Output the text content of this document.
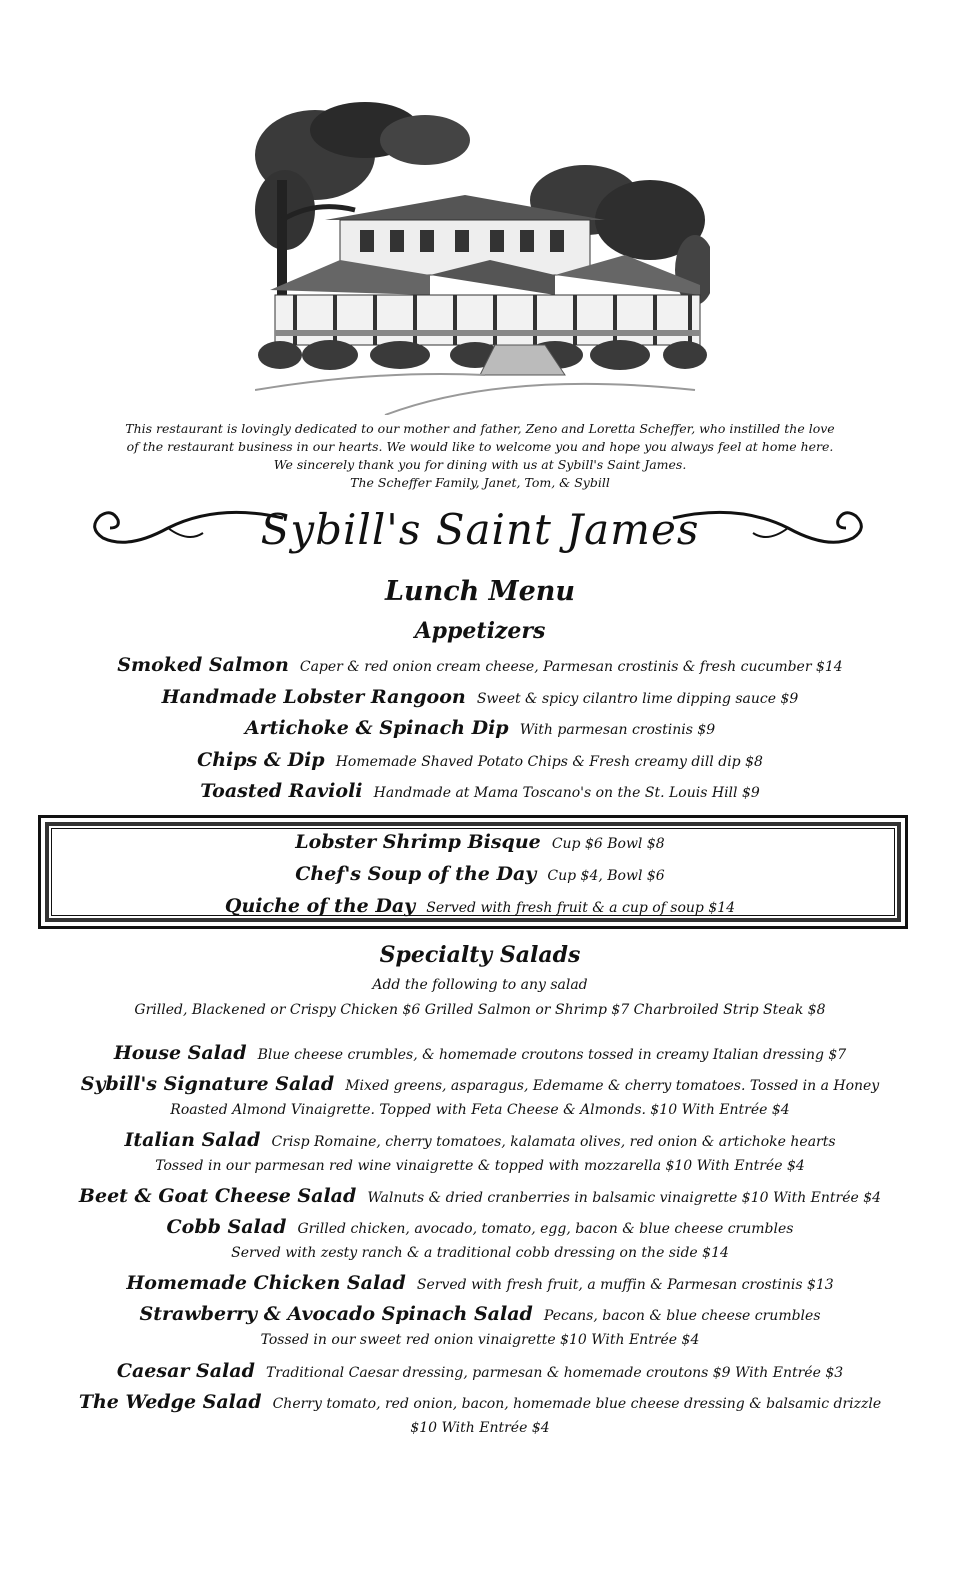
This restaurant is lovingly dedicated to our mother and father, Zeno and Loretta Scheffer, who instilled the love
of the restaurant business in our hearts. We would like to welcome you and hope you always feel at home here.
We sincerely thank you for dining with us at Sybill's Saint James.
The Scheffer Family, Janet, Tom, & Sybill
Sybill's Saint James
Lunch Menu
Appetizers
Smoked Salmon Caper & red onion cream cheese, Parmesan crostinis & fresh cucumber $14
Handmade Lobster Rangoon Sweet & spicy cilantro lime dipping sauce $9
Artichoke & Spinach Dip With parmesan crostinis $9
Chips & Dip Homemade Shaved Potato Chips & Fresh creamy dill dip $8
Toasted Ravioli Handmade at Mama Toscano's on the St. Louis Hill $9
Lobster Shrimp Bisque Cup $6 Bowl $8
Chef's Soup of the Day Cup $4, Bowl $6
Quiche of the Day Served with fresh fruit & a cup of soup $14
Specialty Salads
Add the following to any salad
Grilled, Blackened or Crispy Chicken $6 Grilled Salmon or Shrimp $7 Charbroiled Strip Steak $8
House Salad Blue cheese crumbles, & homemade croutons tossed in creamy Italian dressing $7
Sybill's Signature Salad Mixed greens, asparagus, Edemame & cherry tomatoes. Tossed in a Honey
Roasted Almond Vinaigrette. Topped with Feta Cheese & Almonds. $10 With Entrée $4
Italian Salad Crisp Romaine, cherry tomatoes, kalamata olives, red onion & artichoke hearts
Tossed in our parmesan red wine vinaigrette & topped with mozzarella $10 With Entrée $4
Beet & Goat Cheese Salad Walnuts & dried cranberries in balsamic vinaigrette $10 With Entrée $4
Cobb Salad Grilled chicken, avocado, tomato, egg, bacon & blue cheese crumbles
Served with zesty ranch & a traditional cobb dressing on the side $14
Homemade Chicken Salad Served with fresh fruit, a muffin & Parmesan crostinis $13
Strawberry & Avocado Spinach Salad Pecans, bacon & blue cheese crumbles
Tossed in our sweet red onion vinaigrette $10 With Entrée $4
Caesar Salad Traditional Caesar dressing, parmesan & homemade croutons $9 With Entrée $3
The Wedge Salad Cherry tomato, red onion, bacon, homemade blue cheese dressing & balsamic drizzle
$10 With Entrée $4
